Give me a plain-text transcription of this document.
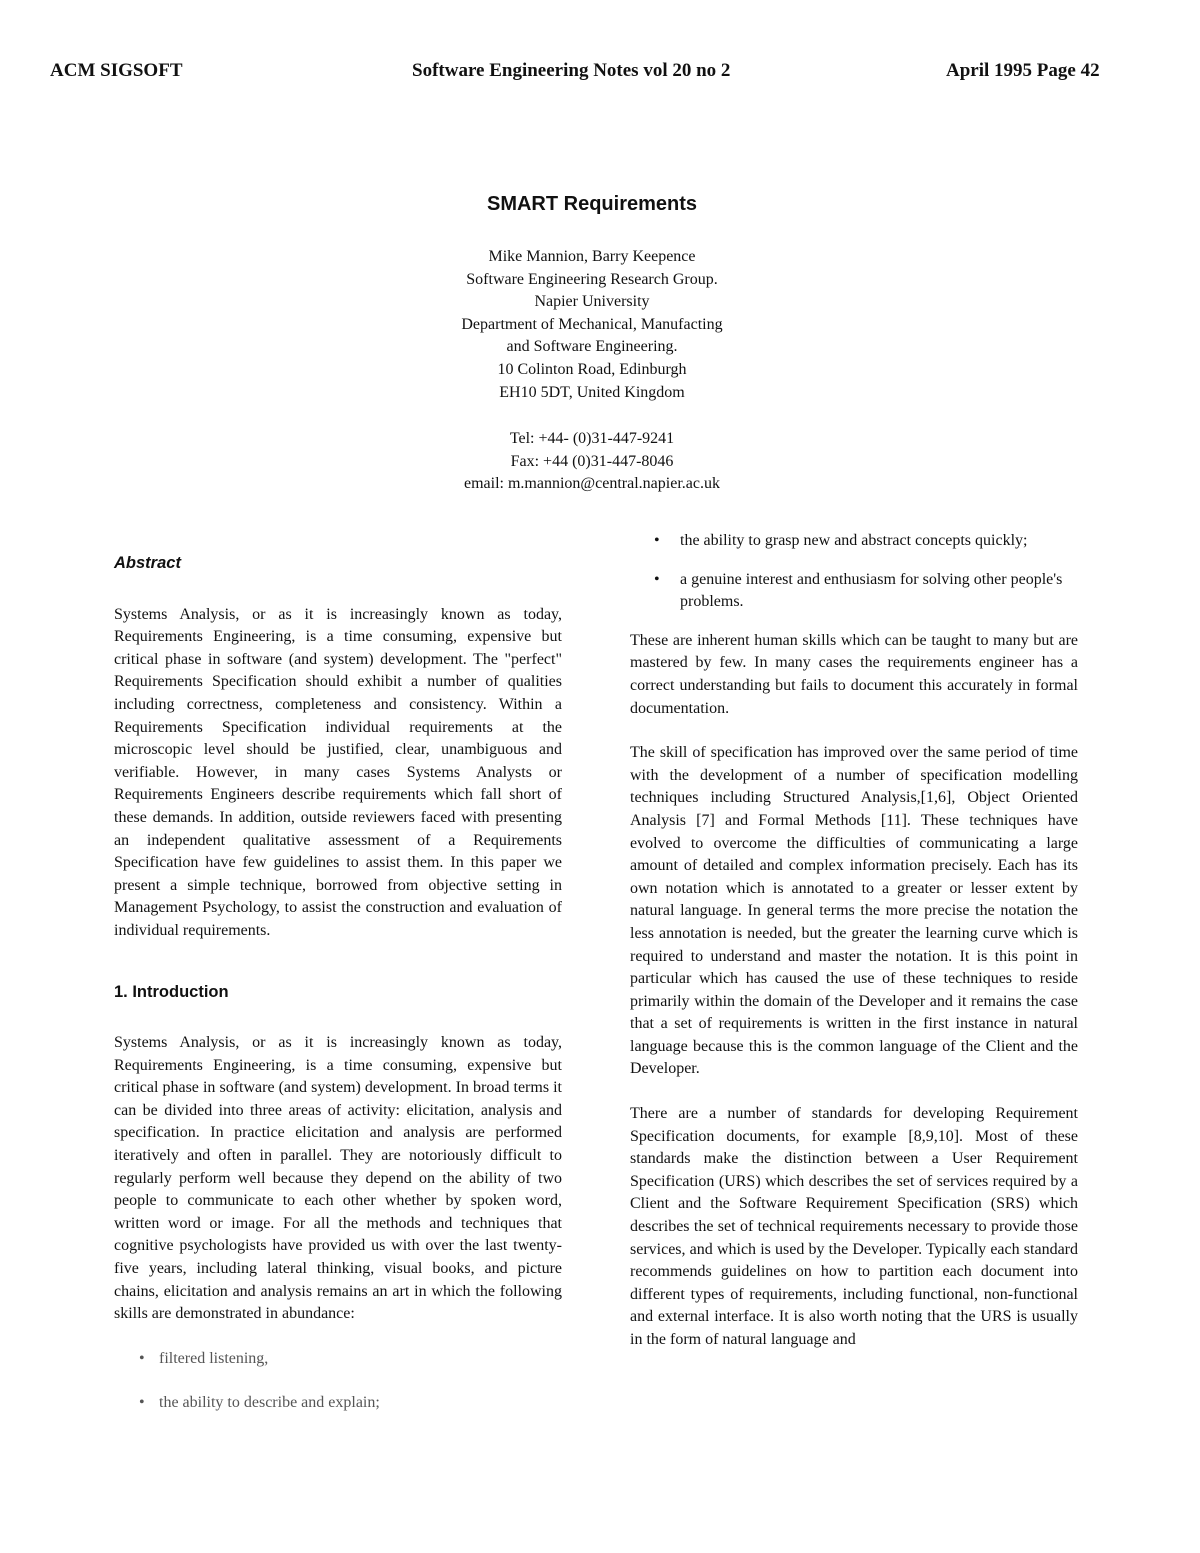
ACM SIGSOFT	Software Engineering Notes vol 20 no 2	April 1995 Page 42
SMART Requirements
Mike Mannion, Barry Keepence
Software Engineering Research Group.
Napier University
Department of Mechanical, Manufacting
and Software Engineering.
10 Colinton Road, Edinburgh
EH10 5DT, United Kingdom
Tel: +44- (0)31-447-9241
Fax: +44 (0)31-447-8046
email: m.mannion@central.napier.ac.uk
Abstract

Systems Analysis, or as it is increasingly known as today, Requirements Engineering, is a time consuming, expensive but critical phase in software (and system) development. The "perfect" Requirements Specification should exhibit a number of qualities including correctness, completeness and consistency. Within a Requirements Specification individual requirements at the microscopic level should be justified, clear, unambiguous and verifiable. However, in many cases Systems Analysts or Requirements Engineers describe requirements which fall short of these demands. In addition, outside reviewers faced with presenting an independent qualitative assessment of a Requirements Specification have few guidelines to assist them. In this paper we present a simple technique, borrowed from objective setting in Management Psychology, to assist the construction and evaluation of individual requirements.

1. Introduction

Systems Analysis, or as it is increasingly known as today, Requirements Engineering, is a time consuming, expensive but critical phase in software (and system) development. In broad terms it can be divided into three areas of activity: elicitation, analysis and specification. In practice elicitation and analysis are performed iteratively and often in parallel. They are notoriously difficult to regularly perform well because they depend on the ability of two people to communicate to each other whether by spoken word, written word or image. For all the methods and techniques that cognitive psychologists have provided us with over the last twenty-five years, including lateral thinking, visual books, and picture chains, elicitation and analysis remains an art in which the following skills are demonstrated in abundance:

• filtered listening,
• the ability to describe and explain;
• the ability to grasp new and abstract concepts quickly;
• a genuine interest and enthusiasm for solving other people's problems.

These are inherent human skills which can be taught to many but are mastered by few. In many cases the requirements engineer has a correct understanding but fails to document this accurately in formal documentation.

The skill of specification has improved over the same period of time with the development of a number of specification modelling techniques including Structured Analysis,[1,6], Object Oriented Analysis [7] and Formal Methods [11]. These techniques have evolved to overcome the difficulties of communicating a large amount of detailed and complex information precisely. Each has its own notation which is annotated to a greater or lesser extent by natural language. In general terms the more precise the notation the less annotation is needed, but the greater the learning curve which is required to understand and master the notation. It is this point in particular which has caused the use of these techniques to reside primarily within the domain of the Developer and it remains the case that a set of requirements is written in the first instance in natural language because this is the common language of the Client and the Developer.

There are a number of standards for developing Requirement Specification documents, for example [8,9,10]. Most of these standards make the distinction between a User Requirement Specification (URS) which describes the set of services required by a Client and the Software Requirement Specification (SRS) which describes the set of technical requirements necessary to provide those services, and which is used by the Developer. Typically each standard recommends guidelines on how to partition each document into different types of requirements, including functional, non-functional and external interface. It is also worth noting that the URS is usually in the form of natural language and
